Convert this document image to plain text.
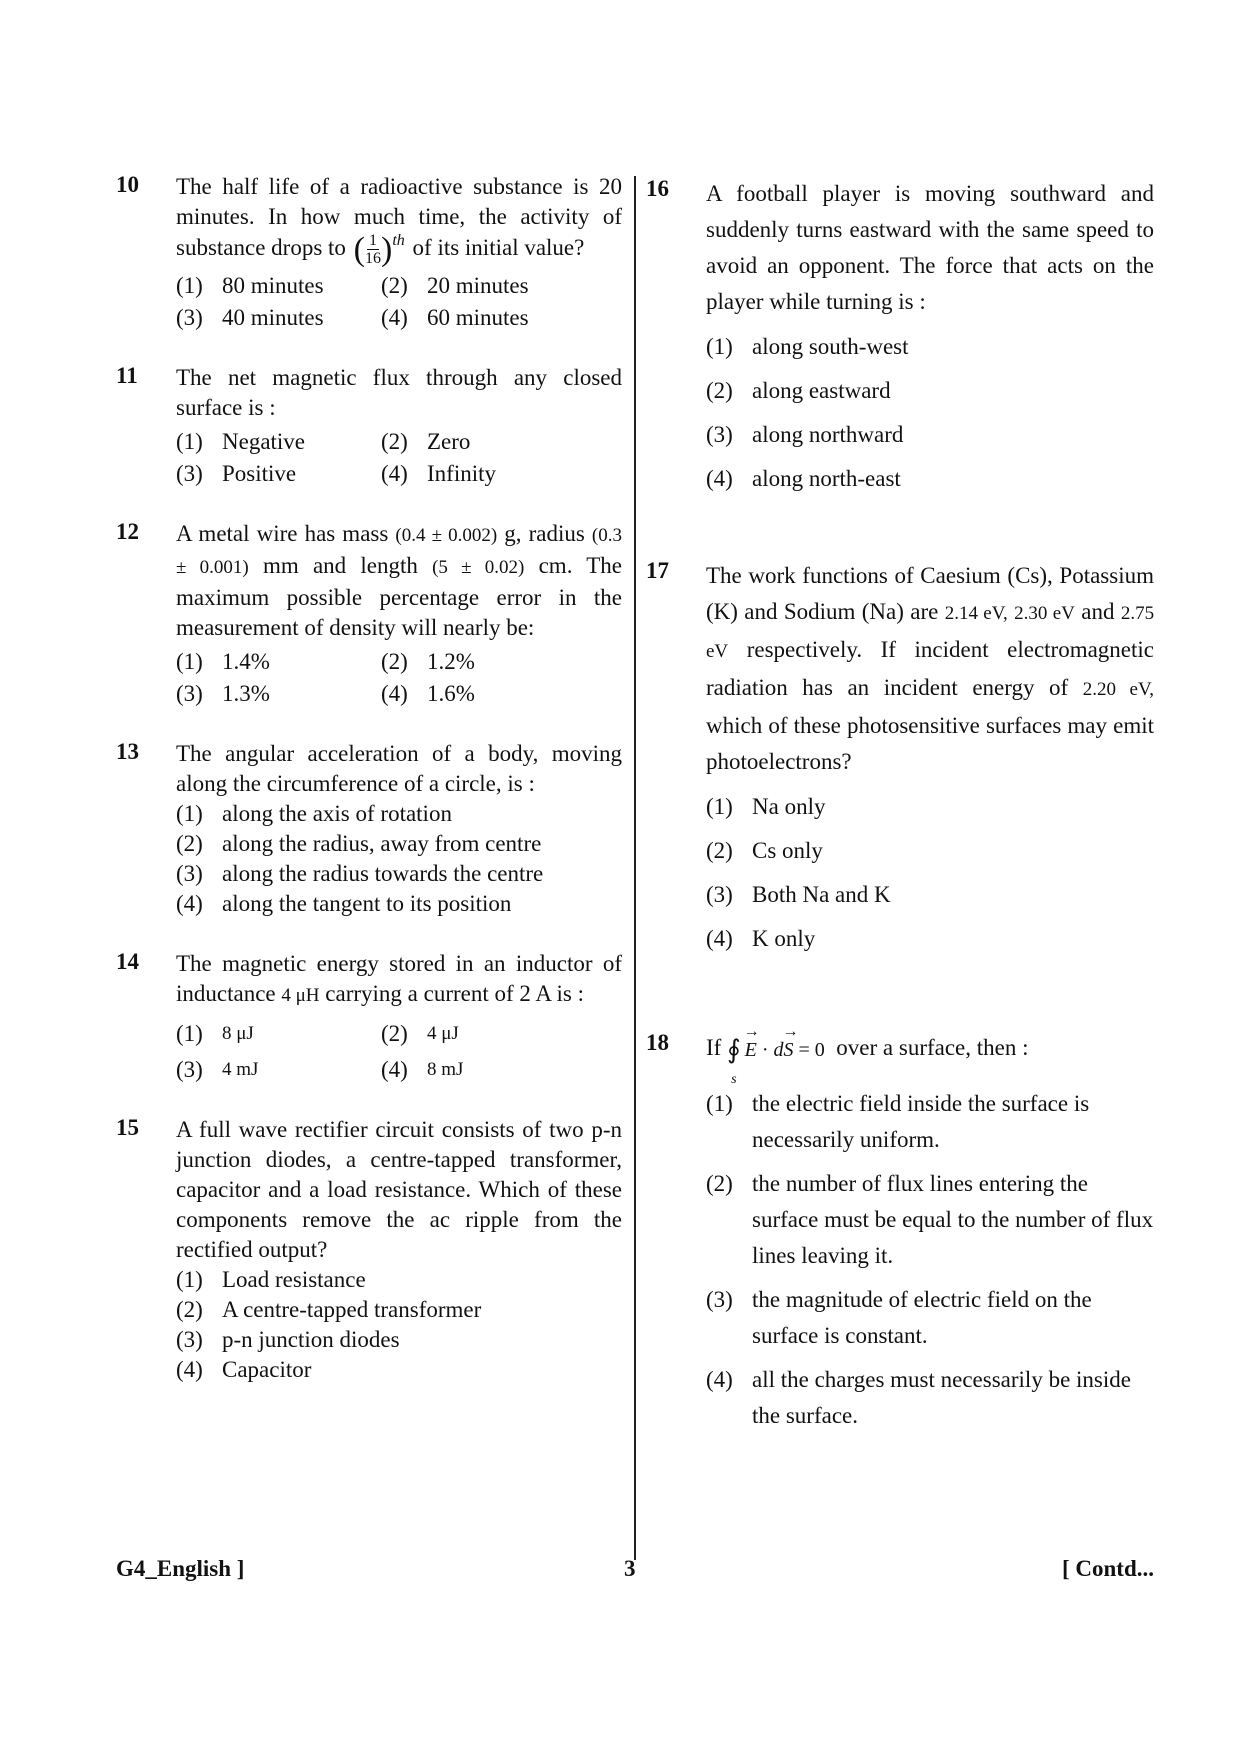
10 The half life of a radioactive substance is 20 minutes. In how much time, the activity of substance drops to ( $\frac{1}{16}$ ) th of its initial value?
(1) 80 minutes (2) 20 minutes
(3) 40 minutes (4) 60 minutes
11 The net magnetic flux through any closed surface is :
(1) Negative	(2) Zero
(3) Positive	(4) Infinity
12 A metal wire has mass (0.4 ± 0.002) g, radius (0.3 ± 0.001) mm and length (5 ± 0.02) cm. The maximum possible percentage error in the measurement of density will nearly be:
(1) 1.4%	(2) 1.2%
(3) 1.3%	(4) 1.6%
13 The angular acceleration of a body, moving along the circumference of a circle, is :
(1) along the axis of rotation
(2) along the radius, away from centre
(3) along the radius towards the centre
(4) along the tangent to its position
14 The magnetic energy stored in an inductor of inductance 4 μH carrying a current of 2 A is :
(1)	8 μJ	(2)	4 μJ
(3)	4 mJ	(4)	8 mJ
15 A full wave rectifier circuit consists of two p-n junction diodes, a centre-tapped transformer, capacitor and a load resistance. Which of these components remove the ac ripple from the rectified output?
(1) Load resistance
(2) A centre-tapped transformer
(3) p-n junction diodes
(4) Capacitor
16 A football player is moving southward and suddenly turns eastward with the same speed to avoid an opponent. The force that acts on the player while turning is :
(1) along south-west
(2) along eastward
(3) along northward
(4) along north-east
17 The work functions of Caesium (Cs), Potassium (K) and Sodium (Na) are 2.14 eV, 2.30 eV and 2.75 eV respectively. If incident electromagnetic radiation has an incident energy of 2.20 eV, which of these photosensitive surfaces may emit photoelectrons?
(1) Na only
(2) Cs only
(3) Both Na and K
(4) K only
18 If ∮
s
→ E
·
d
→ S
= 0 over a surface, then :
(1) the electric field inside the surface is necessarily uniform.
(2) the number of flux lines entering the surface must be equal to the number of flux lines leaving it.
(3) the magnitude of electric field on the surface is constant.
(4) all the charges must necessarily be inside the surface.
G4_English ]	3	[ Contd...
